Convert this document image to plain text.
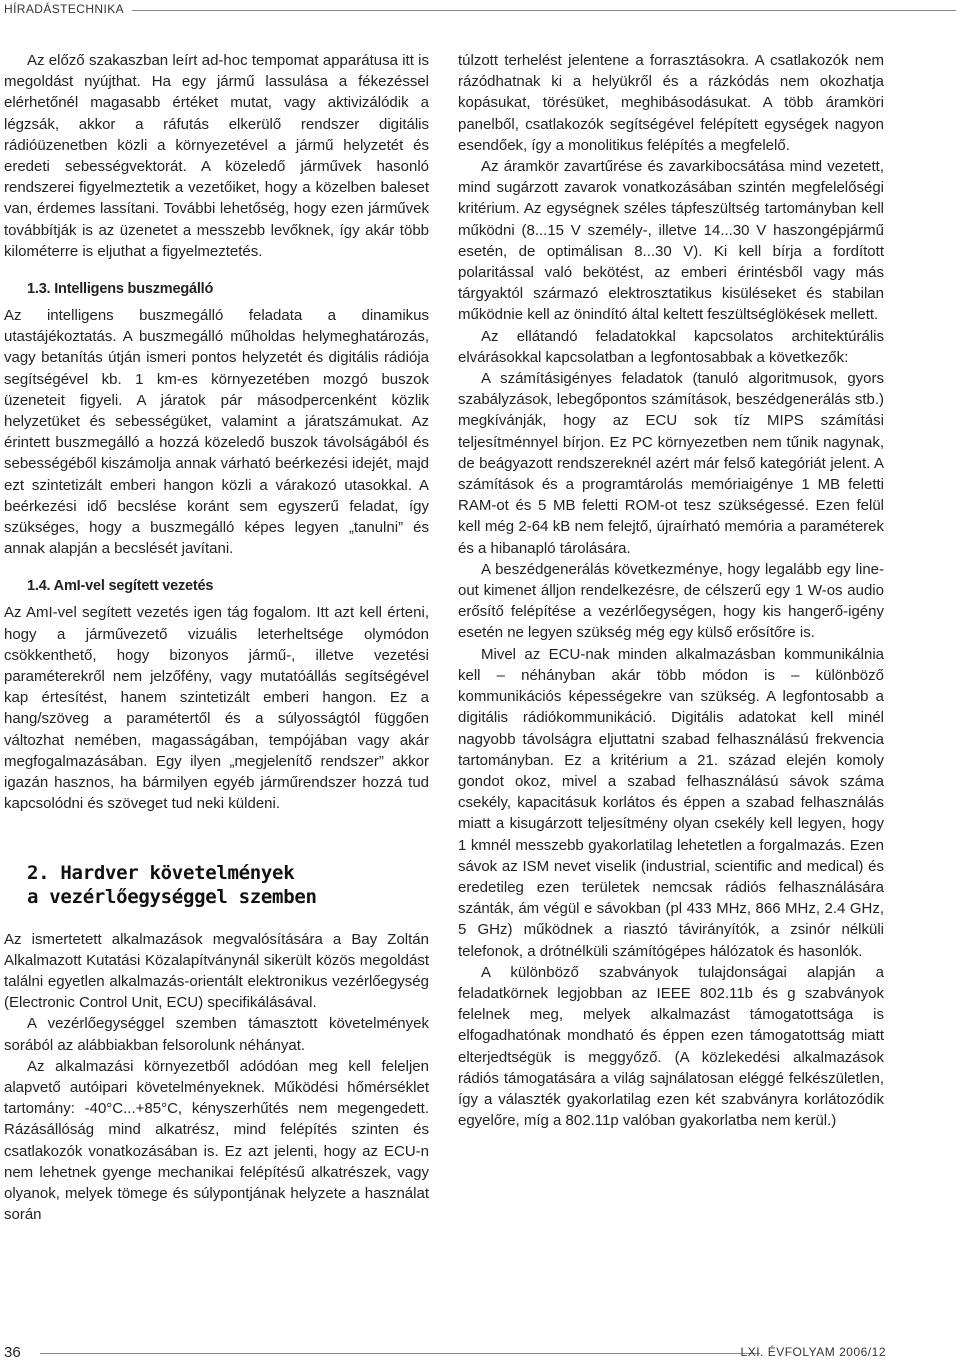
HÍRADÁSTECHNIKA

Az előző szakaszban leírt ad-hoc tempomat apparátusa itt is megoldást nyújthat. Ha egy jármű lassulása a fékezéssel elérhetőnél magasabb értéket mutat, vagy aktivizálódik a légzsák, akkor a ráfutás elkerülő rendszer digitális rádióüzenetben közli a környezetével a jármű helyzetét és eredeti sebességvektorát. A közeledő járművek hasonló rendszerei figyelmeztetik a vezetőiket, hogy a közelben baleset van, érdemes lassítani. További lehetőség, hogy ezen járművek továbbítják is az üzenetet a messzebb levőknek, így akár több kilométerre is eljuthat a figyelmeztetés.

1.3. Intelligens buszmegálló

Az intelligens buszmegálló feladata a dinamikus utastájékoztatás. A buszmegálló műholdas helymeghatározás, vagy betanítás útján ismeri pontos helyzetét és digitális rádiója segítségével kb. 1 km-es környezetében mozgó buszok üzeneteit figyeli. A járatok pár másodpercenként közlik helyzetüket és sebességüket, valamint a járatszámukat. Az érintett buszmegálló a hozzá közeledő buszok távolságából és sebességéből kiszámolja annak várható beérkezési idejét, majd ezt szintetizált emberi hangon közli a várakozó utasokkal. A beérkezési idő becslése koránt sem egyszerű feladat, így szükséges, hogy a buszmegálló képes legyen „tanulni” és annak alapján a becslését javítani.

1.4. AmI-vel segített vezetés

Az AmI-vel segített vezetés igen tág fogalom. Itt azt kell érteni, hogy a járművezető vizuális leterheltsége olymódon csökkenthető, hogy bizonyos jármű-, illetve vezetési paraméterekről nem jelzőfény, vagy mutatóállás segítségével kap értesítést, hanem szintetizált emberi hangon. Ez a hang/szöveg a paramétertől és a súlyosságtól függően változhat nemében, magasságában, tempójában vagy akár megfogalmazásában. Egy ilyen „megjelenítő rendszer” akkor igazán hasznos, ha bármilyen egyéb járműrendszer hozzá tud kapcsolódni és szöveget tud neki küldeni.

2. Hardver követelmények
a vezérlőegységgel szemben

Az ismertetett alkalmazások megvalósítására a Bay Zoltán Alkalmazott Kutatási Közalapítványnál sikerült közös megoldást találni egyetlen alkalmazás-orientált elektronikus vezérlőegység (Electronic Control Unit, ECU) specifikálásával.

A vezérlőegységgel szemben támasztott követelmények sorából az alábbiakban felsorolunk néhányat.

Az alkalmazási környezetből adódóan meg kell feleljen alapvető autóipari követelményeknek. Működési hőmérséklet tartomány: -40°C...+85°C, kényszerhűtés nem megengedett. Rázásállóság mind alkatrész, mind felépítés szinten és csatlakozók vonatkozásában is. Ez azt jelenti, hogy az ECU-n nem lehetnek gyenge mechanikai felépítésű alkatrészek, vagy olyanok, melyek tömege és súlypontjának helyzete a használat során

túlzott terhelést jelentene a forrasztásokra. A csatlakozók nem rázódhatnak ki a helyükről és a rázkódás nem okozhatja kopásukat, törésüket, meghibásodásukat. A több áramköri panelből, csatlakozók segítségével felépített egységek nagyon esendőek, így a monolitikus felépítés a megfelelő.

Az áramkör zavartűrése és zavarkibocsátása mind vezetett, mind sugárzott zavarok vonatkozásában szintén megfelelőségi kritérium. Az egységnek széles tápfeszültség tartományban kell működni (8...15 V személy-, illetve 14...30 V haszongépjármű esetén, de optimálisan 8...30 V). Ki kell bírja a fordított polaritással való bekötést, az emberi érintésből vagy más tárgyaktól származó elektrosztatikus kisüléseket és stabilan működnie kell az önindító által keltett feszültséglökések mellett.

Az ellátandó feladatokkal kapcsolatos architektúrális elvárásokkal kapcsolatban a legfontosabbak a következők:

A számításigényes feladatok (tanuló algoritmusok, gyors szabályzások, lebegőpontos számítások, beszédgenerálás stb.) megkívánják, hogy az ECU sok tíz MIPS számítási teljesítménnyel bírjon. Ez PC környezetben nem tűnik nagynak, de beágyazott rendszereknél azért már felső kategóriát jelent. A számítások és a programtárolás memóriaigénye 1 MB feletti RAM-ot és 5 MB feletti ROM-ot tesz szükségessé. Ezen felül kell még 2-64 kB nem felejtő, újraírható memória a paraméterek és a hibanapló tárolására.

A beszédgenerálás következménye, hogy legalább egy line-out kimenet álljon rendelkezésre, de célszerű egy 1 W-os audio erősítő felépítése a vezérlőegységen, hogy kis hangerő-igény esetén ne legyen szükség még egy külső erősítőre is.

Mivel az ECU-nak minden alkalmazásban kommunikálnia kell – néhányban akár több módon is – különböző kommunikációs képességekre van szükség. A legfontosabb a digitális rádiókommunikáció. Digitális adatokat kell minél nagyobb távolságra eljuttatni szabad felhasználású frekvencia tartományban. Ez a kritérium a 21. század elején komoly gondot okoz, mivel a szabad felhasználású sávok száma csekély, kapacitásuk korlátos és éppen a szabad felhasználás miatt a kisugárzott teljesítmény olyan csekély kell legyen, hogy 1 kmnél messzebb gyakorlatilag lehetetlen a forgalmazás. Ezen sávok az ISM nevet viselik (industrial, scientific and medical) és eredetileg ezen területek nemcsak rádiós felhasználására szánták, ám végül e sávokban (pl 433 MHz, 866 MHz, 2.4 GHz, 5 GHz) működnek a riasztó távirányítók, a zsinór nélküli telefonok, a drótnélküli számítógépes hálózatok és hasonlók.

A különböző szabványok tulajdonságai alapján a feladatkörnek legjobban az IEEE 802.11b és g szabványok felelnek meg, melyek alkalmazást támogatottsága is elfogadhatónak mondható és éppen ezen támogatottság miatt elterjedtségük is meggyőző. (A közlekedési alkalmazások rádiós támogatására a világ sajnálatosan eléggé felkészületlen, így a választék gyakorlatilag ezen két szabványra korlátozódik egyelőre, míg a 802.11p valóban gyakorlatba nem kerül.)

36	LXI. ÉVFOLYAM 2006/12
